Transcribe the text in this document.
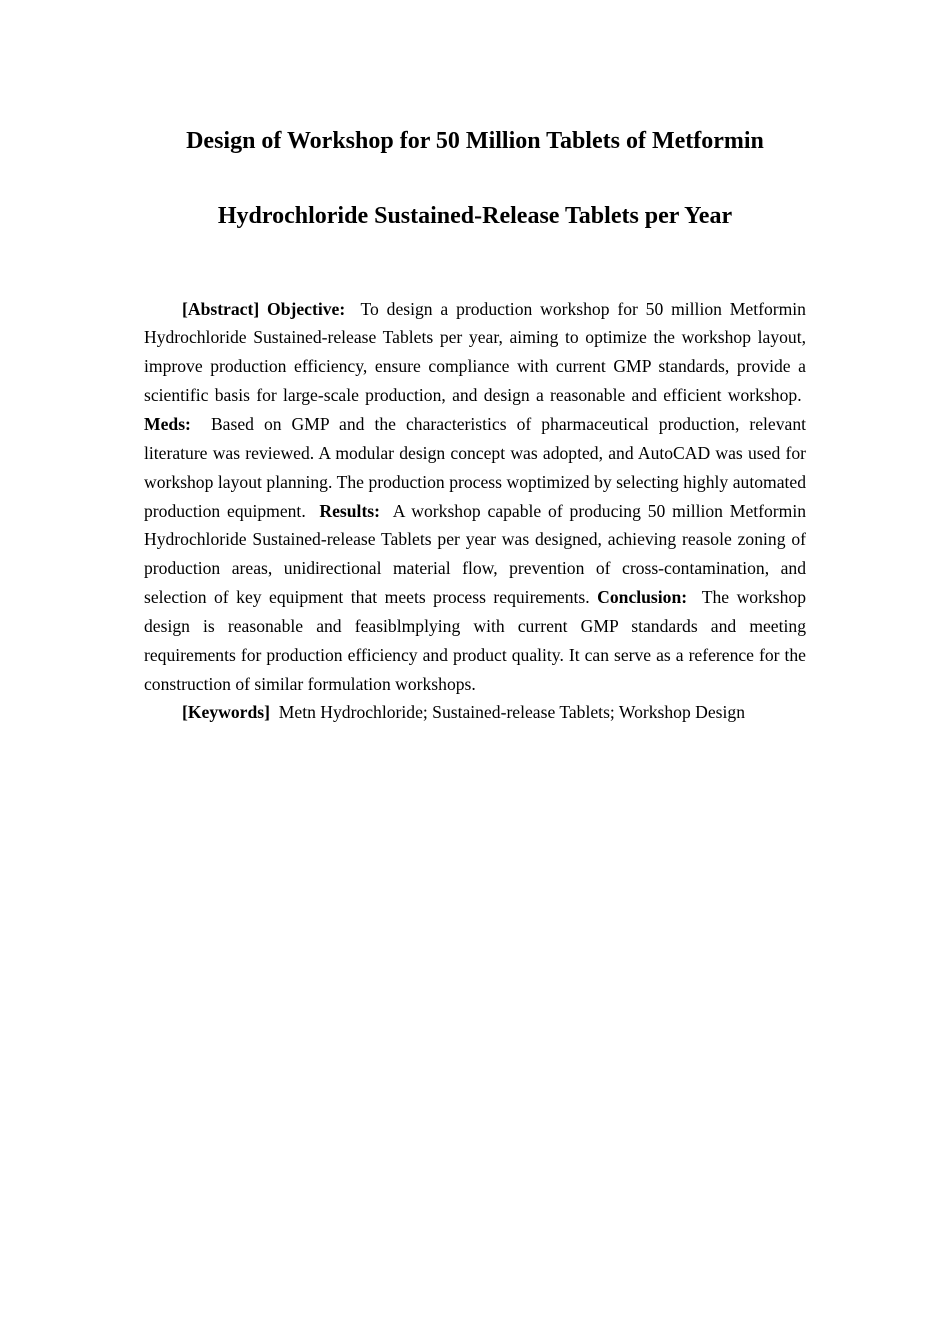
Design of Workshop for 50 Million Tablets of Metformin
Hydrochloride Sustained-Release Tablets per Year

[Abstract] Objective: To design a production workshop for 50 million Metformin Hydrochloride Sustained-release Tablets per year, aiming to optimize the workshop layout, improve production efficiency, ensure compliance with current GMP standards, provide a scientific basis for large-scale production, and design a reasonable and efficient workshop.  Meds: Based on GMP and the characteristics of pharmaceutical production, relevant literature was reviewed. A modular design concept was adopted, and AutoCAD was used for workshop layout planning. The production process woptimized by selecting highly automated production equipment. Results: A workshop capable of producing 50 million Metformin Hydrochloride Sustained-release Tablets per year was designed, achieving reasole zoning of production areas, unidirectional material flow, prevention of cross-contamination, and selection of key equipment that meets process requirements. Conclusion: The workshop design is reasonable and feasiblmplying with current GMP standards and meeting requirements for production efficiency and product quality. It can serve as a reference for the construction of similar formulation workshops.

[Keywords] Metn Hydrochloride; Sustained-release Tablets; Workshop Design
